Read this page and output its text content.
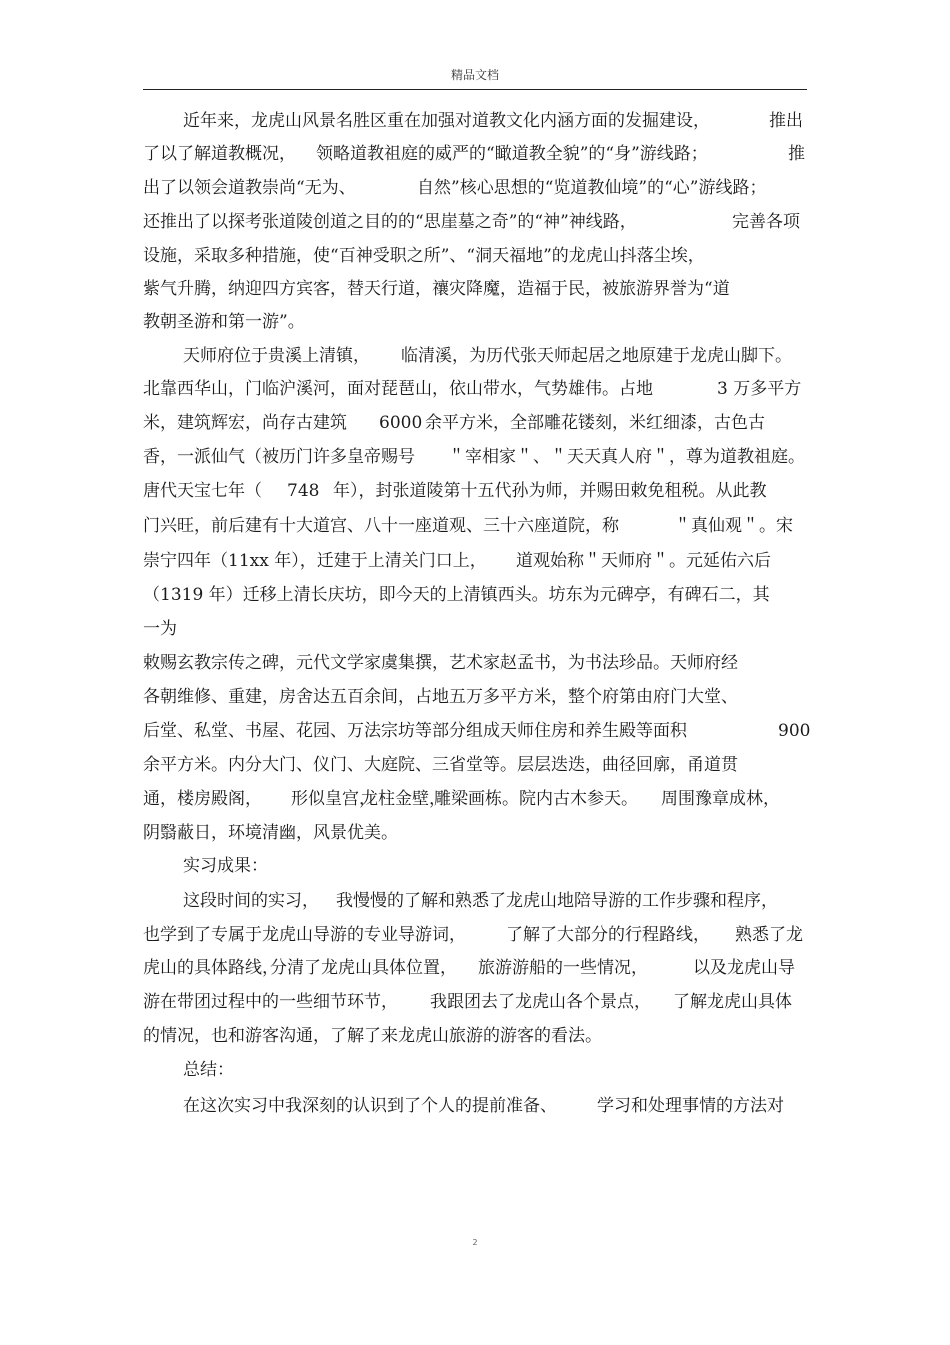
精品文档
近年来，龙虎山风景名胜区重在加强对道教文化内涵方面的发掘建设，	推出
了以了解道教概况， 领略道教祖庭的威严的“瞰道教全貌”的“身”游线路；	推
出了以领会道教崇尚“无为、	自然”核心思想的“览道教仙境”的“心”游线路；
还推出了以探考张道陵创道之目的的“思崖墓之奇”的“神”神线路，	完善各项
设施，采取多种措施，使“百神受职之所”、“洞天福地”的龙虎山抖落尘埃，
紫气升腾，纳迎四方宾客，替天行道，禳灾降魔，造福于民，被旅游界誉为“道
教朝圣游和第一游”。
天师府位于贵溪上清镇， 临清溪，为历代张天师起居之地原建于龙虎山脚下。
北靠西华山，门临沪溪河，面对琵琶山，依山带水，气势雄伟。占地	3 万多平方
米，建筑辉宏，尚存古建筑 6000 余平方米，全部雕花镂刻，米红细漆，古色古
香，一派仙气（被历门许多皇帝赐号 ＂宰相家＂、＂天天真人府＂，尊为道教祖庭。
唐代天宝七年（ 748 年），封张道陵第十五代孙为师，并赐田敕免租税。从此教
门兴旺，前后建有十大道宫、八十一座道观、三十六座道院，称	＂真仙观＂。宋
崇宁四年（11xx 年），迁建于上清关门口上， 道观始称＂天师府＂。元延佑六后
（1319 年）迁移上清长庆坊，即今天的上清镇西头。坊东为元碑亭，有碑石二，其
一为
敕赐玄教宗传之碑，元代文学家虞集撰，艺术家赵孟书，为书法珍品。天师府经
各朝维修、重建，房舍达五百余间，占地五万多平方米，整个府第由府门大堂、
后堂、私堂、书屋、花园、万法宗坊等部分组成天师住房和养生殿等面积	900
余平方米。内分大门、仪门、大庭院、三省堂等。层层迭迭，曲径回廓，甬道贯
通，楼房殿阁， 形似皇宫，
龙柱金壁，
雕梁画栋。院内古木参天。 周围豫章成林，
阴翳蔽日，环境清幽，风景优美。
实习成果：
这段时间的实习， 我慢慢的了解和熟悉了龙虎山地陪导游的工作步骤和程序，
也学到了专属于龙虎山导游的专业导游词， 了解了大部分的行程路线， 熟悉了龙
虎山的具体路线，
分清了龙虎山具体位置， 旅游游船的一些情况，	以及龙虎山导
游在带团过程中的一些细节环节， 我跟团去了龙虎山各个景点， 了解龙虎山具体
的情况，也和游客沟通，了解了来龙虎山旅游的游客的看法。
总结：
在这次实习中我深刻的认识到了个人的提前准备、 学习和处理事情的方法对
2
